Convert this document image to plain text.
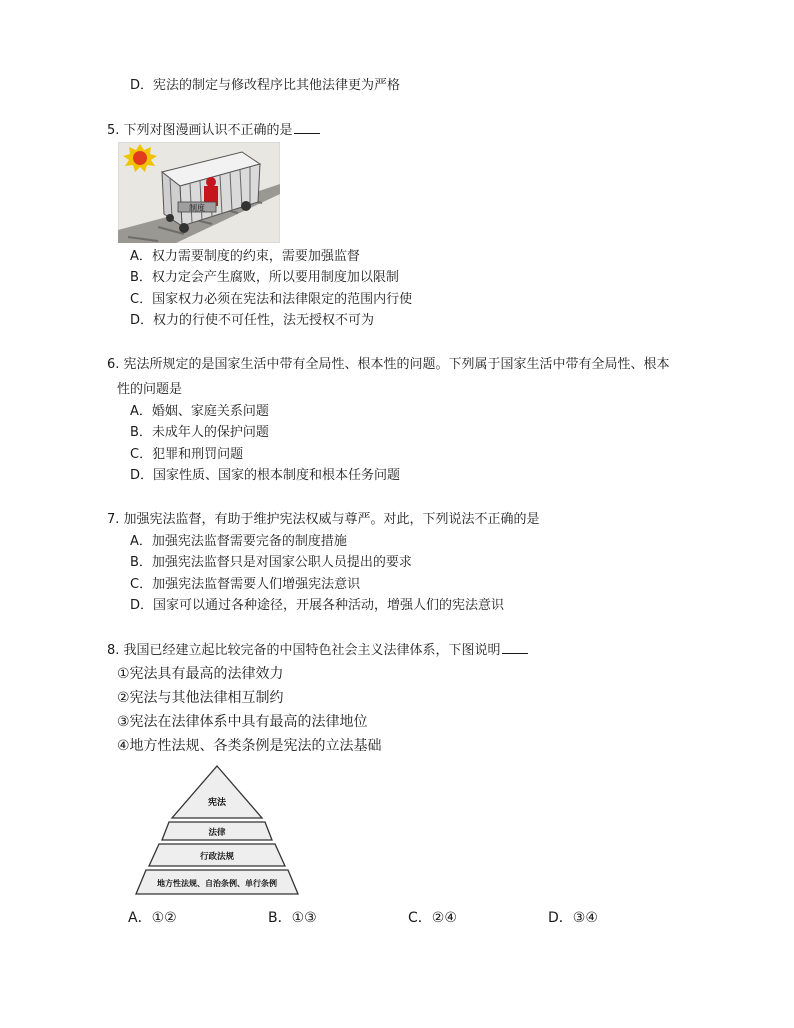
D．宪法的制定与修改程序比其他法律更为严格
5. 下列对图漫画认识不正确的是
制度
A．权力需要制度的约束，需要加强监督
B．权力定会产生腐败，所以要用制度加以限制
C．国家权力必须在宪法和法律限定的范围内行使
D．权力的行使不可任性，法无授权不可为
6. 宪法所规定的是国家生活中带有全局性、根本性的问题。下列属于国家生活中带有全局性、根本
性的问题是
A．婚姻、家庭关系问题
B．未成年人的保护问题
C．犯罪和刑罚问题
D．国家性质、国家的根本制度和根本任务问题
7. 加强宪法监督，有助于维护宪法权威与尊严。对此，下列说法不正确的是
A．加强宪法监督需要完备的制度措施
B．加强宪法监督只是对国家公职人员提出的要求
C．加强宪法监督需要人们增强宪法意识
D．国家可以通过各种途径，开展各种活动，增强人们的宪法意识
8. 我国已经建立起比较完备的中国特色社会主义法律体系，下图说明
①宪法具有最高的法律效力
②宪法与其他法律相互制约
③宪法在法律体系中具有最高的法律地位
④地方性法规、各类条例是宪法的立法基础
宪法
法律
行政法规
地方性法规、自治条例、单行条例
A．①②	B．①③	C．②④	D．③④
